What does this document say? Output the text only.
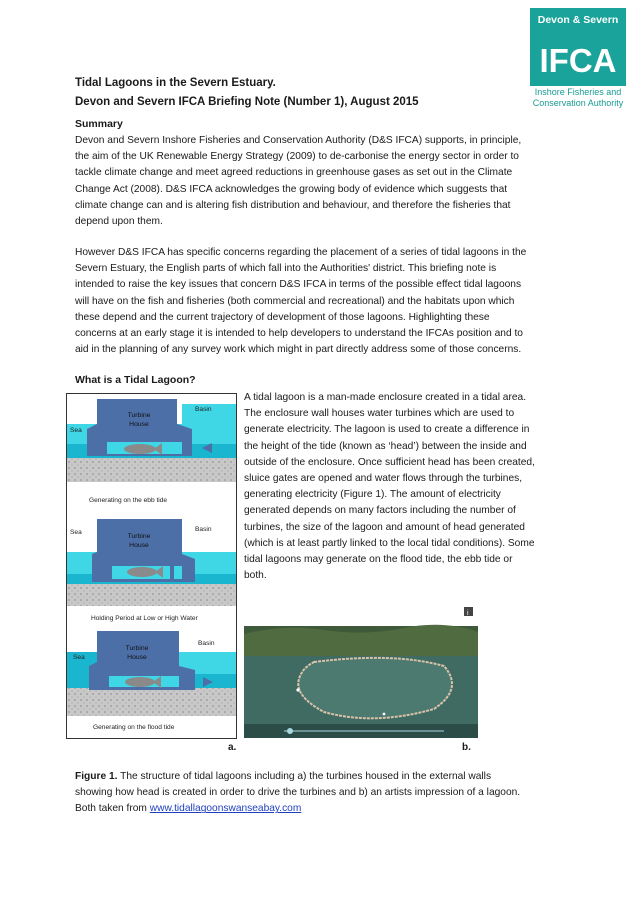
Devon & Severn
IFCA
Inshore Fisheries and
Conservation Authority
Tidal Lagoons in the Severn Estuary.
Devon and Severn IFCA Briefing Note (Number 1), August 2015
Summary
Devon and Severn Inshore Fisheries and Conservation Authority (D&S IFCA) supports, in principle,
the aim of the UK Renewable Energy Strategy (2009) to de-carbonise the energy sector in order to
tackle climate change and meet agreed reductions in greenhouse gases as set out in the Climate
Change Act (2008). D&S IFCA acknowledges the growing body of evidence which suggests that
climate change can and is altering fish distribution and behaviour, and therefore the fisheries that
depend upon them.
However D&S IFCA has specific concerns regarding the placement of a series of tidal lagoons in the
Severn Estuary, the English parts of which fall into the Authorities' district. This briefing note is
intended to raise the key issues that concern D&S IFCA in terms of the possible effect tidal lagoons
will have on the fish and fisheries (both commercial and recreational) and the habitats upon which
these depend and the current trajectory of development of those lagoons. Highlighting these
concerns at an early stage it is intended to help developers to understand the IFCAs position and to
aid in the planning of any survey work which might in part directly address some of those concerns.
What is a Tidal Lagoon?
Turbine
House
Basin
Sea
Generating on the ebb tide
Turbine
House
Basin
Sea
Holding Period at Low or High Water
Turbine
House
Basin
Sea
Generating on the flood tide
a.
A tidal lagoon is a man-made enclosure created in a tidal area.
The enclosure wall houses water turbines which are used to
generate electricity. The lagoon is used to create a difference in
the height of the tide (known as ‘head’) between the inside and
outside of the enclosure. Once sufficient head has been created,
sluice gates are opened and water flows through the turbines,
generating electricity (Figure 1). The amount of electricity
generated depends on many factors including the number of
turbines, the size of the lagoon and amount of head generated
(which is at least partly linked to the local tidal conditions). Some
tidal lagoons may generate on the flood tide, the ebb tide or
both.
i
b.
Figure 1. The structure of tidal lagoons including a) the turbines housed in the external walls
showing how head is created in order to drive the turbines and b) an artists impression of a lagoon.
Both taken from www.tidallagoonswanseabay.com
